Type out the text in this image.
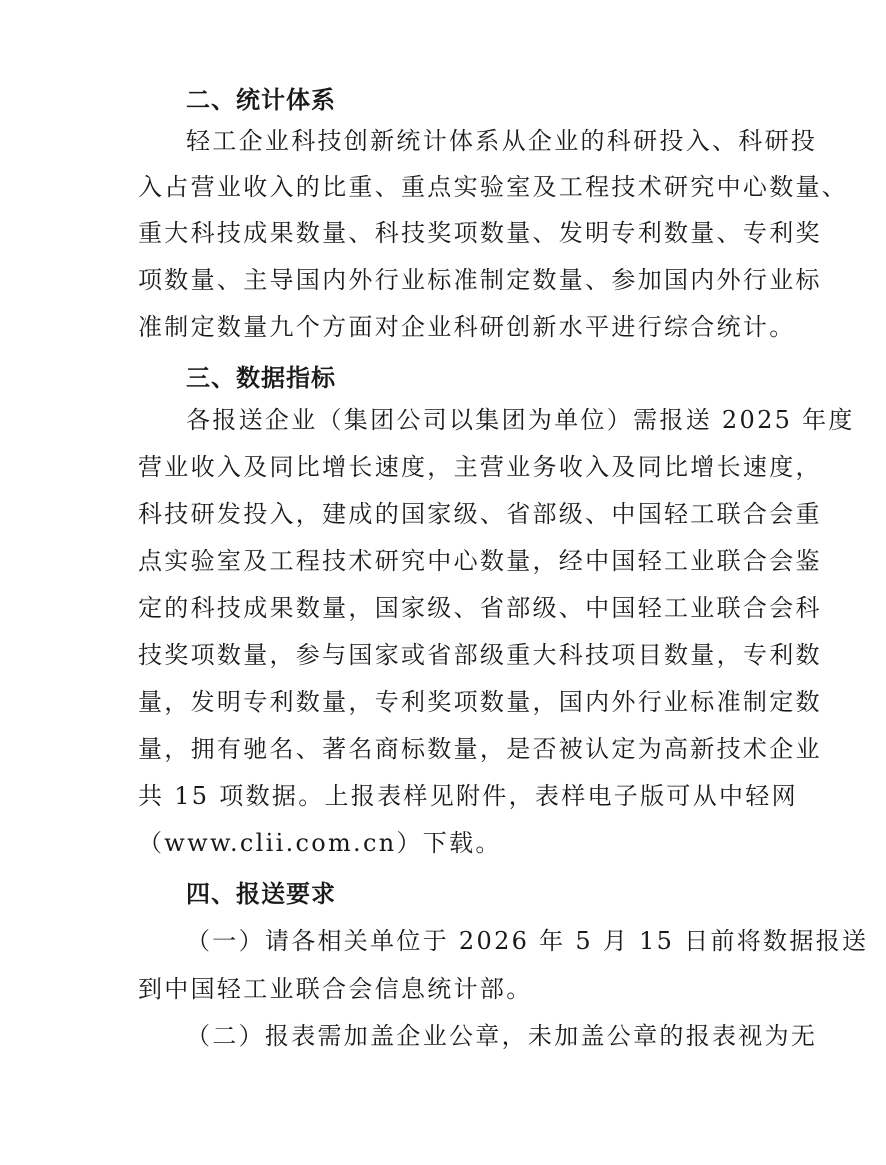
二、统计体系
轻工企业科技创新统计体系从企业的科研投入、科研投
入占营业收入的比重、重点实验室及工程技术研究中心数量、
重大科技成果数量、科技奖项数量、发明专利数量、专利奖
项数量、主导国内外行业标准制定数量、参加国内外行业标
准制定数量九个方面对企业科研创新水平进行综合统计。
三、数据指标
各报送企业（集团公司以集团为单位）需报送 2025 年度
营业收入及同比增长速度，主营业务收入及同比增长速度，
科技研发投入，建成的国家级、省部级、中国轻工联合会重
点实验室及工程技术研究中心数量，经中国轻工业联合会鉴
定的科技成果数量，国家级、省部级、中国轻工业联合会科
技奖项数量，参与国家或省部级重大科技项目数量，专利数
量，发明专利数量，专利奖项数量，国内外行业标准制定数
量，拥有驰名、著名商标数量，是否被认定为高新技术企业
共 15 项数据。上报表样见附件，表样电子版可从中轻网
（www.clii.com.cn）下载。
四、报送要求
（一）请各相关单位于 2026 年 5 月 15 日前将数据报送
到中国轻工业联合会信息统计部。
（二）报表需加盖企业公章，未加盖公章的报表视为无
